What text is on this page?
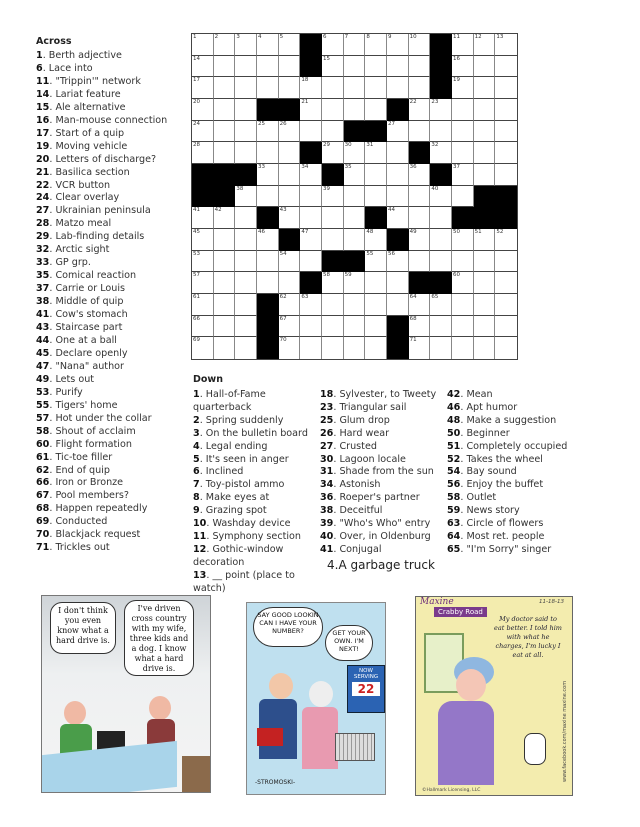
Across
1. Berth adjective
6. Lace into
11. "Trippin'" network
14. Lariat feature
15. Ale alternative
16. Man-mouse connection
17. Start of a quip
19. Moving vehicle
20. Letters of discharge?
21. Basilica section
22. VCR button
24. Clear overlay
27. Ukrainian peninsula
28. Matzo meal
29. Lab-finding details
32. Arctic sight
33. GP grp.
35. Comical reaction
37. Carrie or Louis
38. Middle of quip
41. Cow's stomach
43. Staircase part
44. One at a ball
45. Declare openly
47. "Nana" author
49. Lets out
53. Purify
55. Tigers' home
57. Hot under the collar
58. Shout of acclaim
60. Flight formation
61. Tic-toe filler
62. End of quip
66. Iron or Bronze
67. Pool members?
68. Happen repeatedly
69. Conducted
70. Blackjack request
71. Trickles out
1	2	3	4	5	6	7	8	9	10	11	12	13
14	15	16
17	18	19
20	21	22	23
24	25	26	27
28	29	30	31	32
33	34	35	36	37
38	39	40
41	42	43	44
45	46	47	48	49	50	51	52
53	54	55	56
57	58	59	60
61	62	63	64	65
66	67	68
69	70	71
Down
1. Hall-of-Fame quarterback
2. Spring suddenly
3. On the bulletin board
4. Legal ending
5. It's seen in anger
6. Inclined
7. Toy-pistol ammo
8. Make eyes at
9. Grazing spot
10. Washday device
11. Symphony section
12. Gothic-window decoration
13. __ point (place to watch)
18. Sylvester, to Tweety
23. Triangular sail
25. Glum drop
26. Hard wear
27. Crusted
30. Lagoon locale
31. Shade from the sun
34. Astonish
36. Roeper's partner
38. Deceitful
39. "Who's Who" entry
40. Over, in Oldenburg
41. Conjugal
42. Mean
46. Apt humor
48. Make a suggestion
50. Beginner
51. Completely occupied
52. Takes the wheel
54. Bay sound
56. Enjoy the buffet
58. Outlet
59. News story
63. Circle of flowers
64. Most ret. people
65. "I'm Sorry" singer
4.A garbage truck
I don't think you even know what a hard drive is.
I've driven cross country with my wife, three kids and a dog. I know what a hard drive is.
SAY GOOD LOOKIN CAN I HAVE YOUR NUMBER?	GET YOUR OWN. I'M NEXT!
NOW SERVING
22
-STROMOSKI-
Maxine
Crabby Road
11-18-13
My doctor said to eat better. I told him with what he charges, I'm lucky I eat at all.
www.facebook.com/maxine maxine.com
©Hallmark Licensing, LLC
